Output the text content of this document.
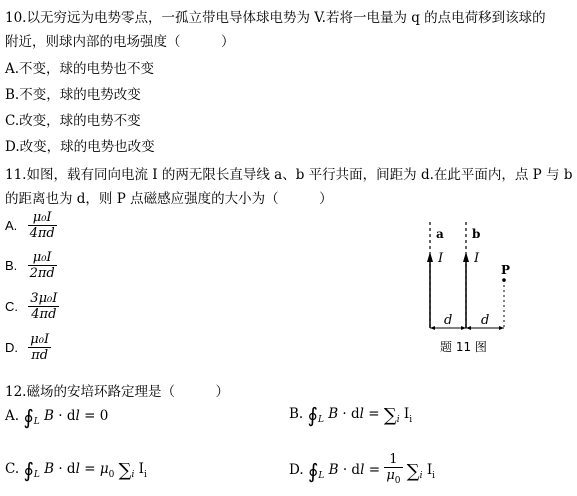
10.以无穷远为电势零点，一孤立带电导体球电势为 V.若将一电量为 q 的点电荷移到该球的
附近，则球内部的电场强度（　　　）
A.不变，球的电势也不变
B.不变，球的电势改变
C.改变，球的电势不变
D.改变，球的电势也改变
11.如图，载有同向电流 I 的两无限长直导线 a、b 平行共面，间距为 d.在此平面内，点 P 与 b
的距离也为 d，则 P 点磁感应强度的大小为（　　　）
A. $\frac{\text{μ₀I}}{4\pi d}$
B. $\frac{\text{μ₀I}}{2\pi d}$
C. $\frac{\text{3μ₀I}}{4\pi d}$
D. $\frac{\text{μ₀I}}{\pi d}$
a
I
b
I
P
d d
题 11 图
12.磁场的安培环路定理是（　　　）
A. $∮_L$ B · dl = 0	B. $∮_L$ B · dl = $\sum_i$ $I_i$
C. $∮_L$ B · dl = $\mu_0$ $\sum_i$ $I_i$	D. $∮_L$ B · dl = $\frac{1}{\mu_0} \sum_i$ $I_i$
